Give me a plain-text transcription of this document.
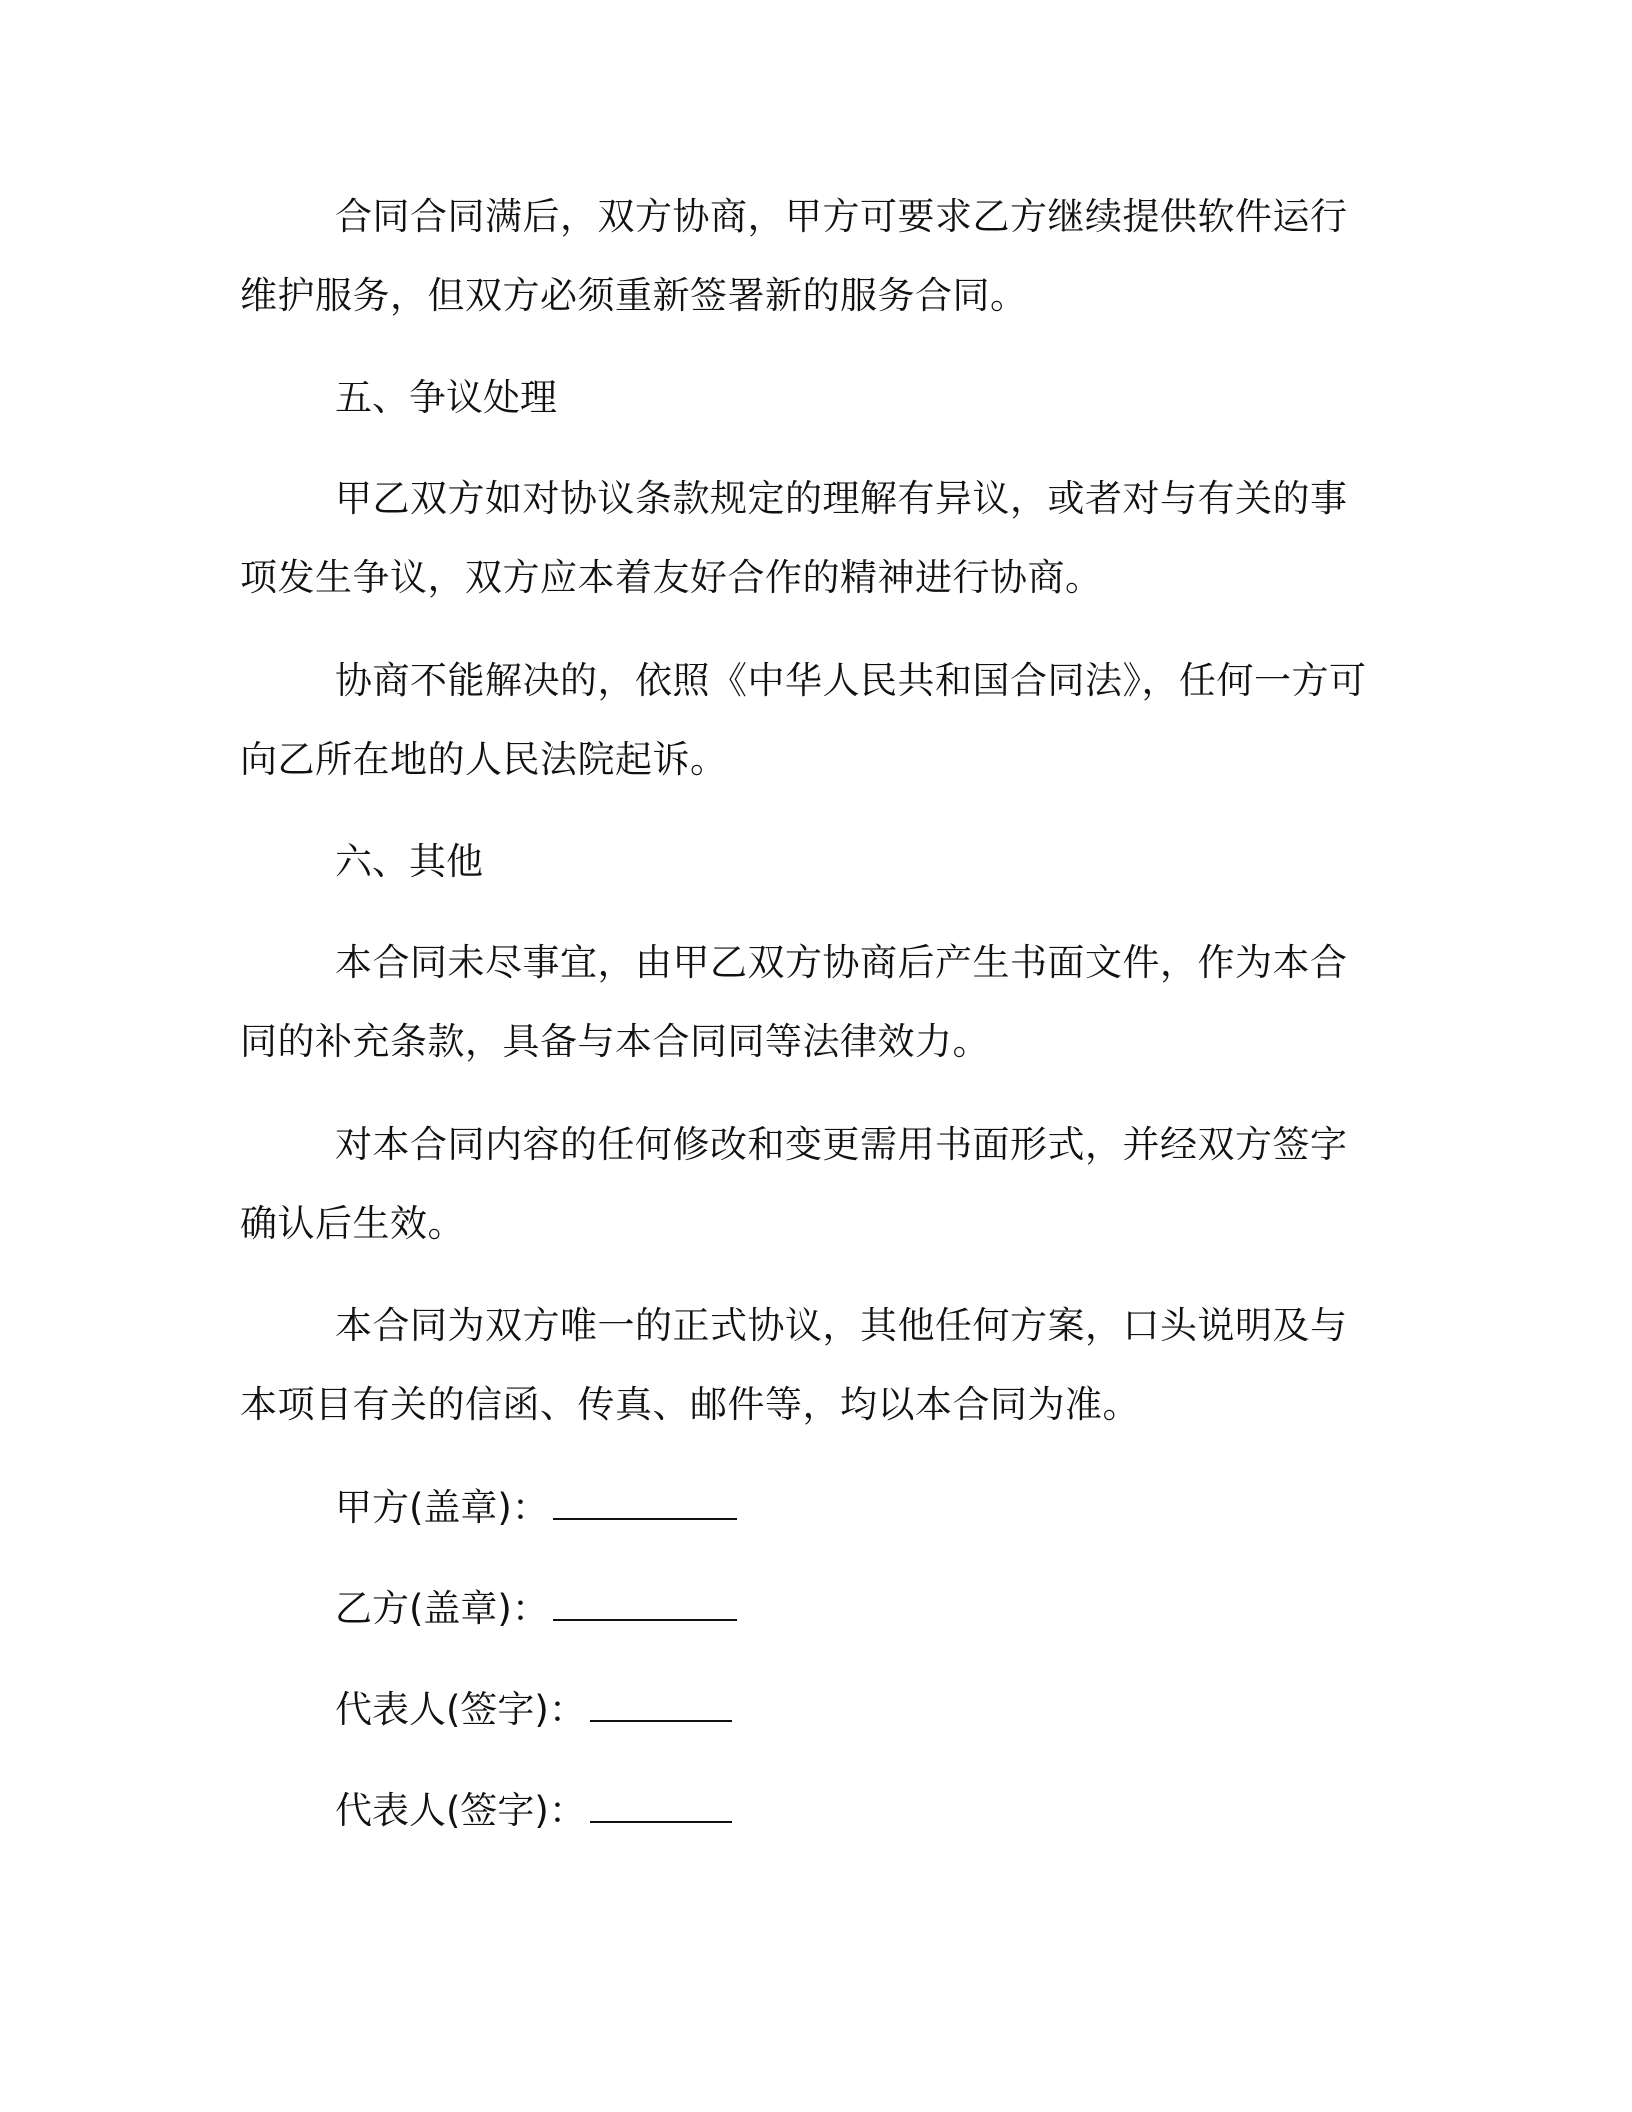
合同合同满后，双方协商，甲方可要求乙方继续提供软件运行维护服务，但双方必须重新签署新的服务合同。

五、争议处理

甲乙双方如对协议条款规定的理解有异议，或者对与有关的事项发生争议，双方应本着友好合作的精神进行协商。

协商不能解决的，依照《中华人民共和国合同法》，任何一方可向乙所在地的人民法院起诉。

六、其他

本合同未尽事宜，由甲乙双方协商后产生书面文件，作为本合同的补充条款，具备与本合同同等法律效力。

对本合同内容的任何修改和变更需用书面形式，并经双方签字确认后生效。

本合同为双方唯一的正式协议，其他任何方案，口头说明及与本项目有关的信函、传真、邮件等，均以本合同为准。

甲方(盖章)：
乙方(盖章)：
代表人(签字)：
代表人(签字)：
